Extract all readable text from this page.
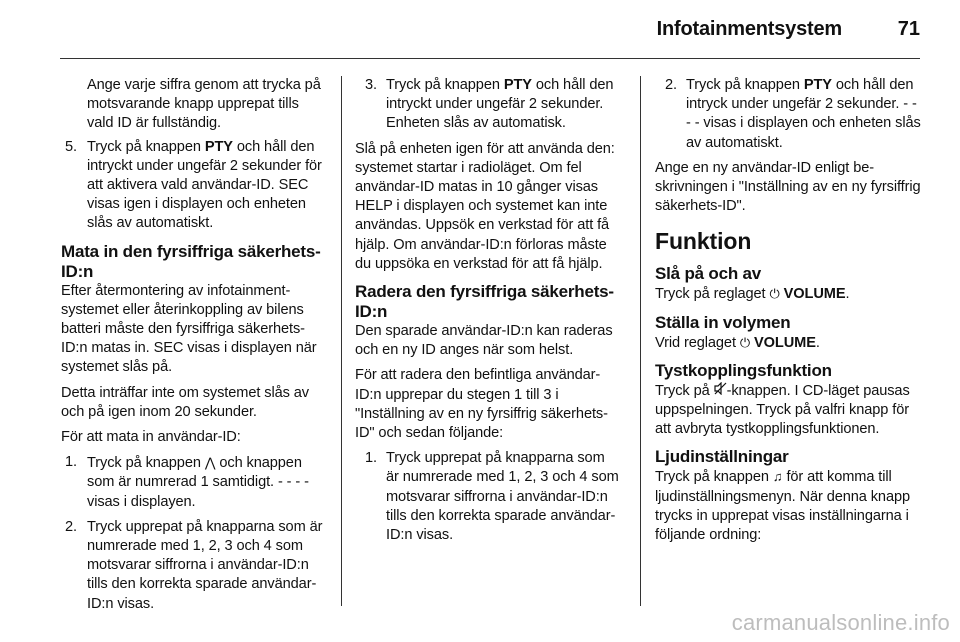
Infotainmentsystem	71

Ange varje siffra genom att trycka på motsvarande knapp upprepat tills vald ID är fullständig.

5. Tryck på knappen PTY och håll den intryckt under ungefär 2 sekunder för att aktivera vald användar-ID. SEC visas igen i displayen och enheten slås av automatiskt.
Mata in den fyrsiffriga säkerhets-ID:n

Efter återmontering av infotainmentsystemet eller återinkoppling av bilens batteri måste den fyrsiffriga säkerhets-ID:n matas in. SEC visas i displayen när systemet slås på.

Detta inträffar inte om systemet slås av och på igen inom 20 sekunder.

För att mata in användar-ID:

1. Tryck på knappen ⋀ och knappen som är numrerad 1 samtidigt. - - - - visas i displayen.
2. Tryck upprepat på knapparna som är numrerade med 1, 2, 3 och 4 som motsvarar siffrorna i användar-ID:n tills den korrekta sparade användar-ID:n visas.
3. Tryck på knappen PTY och håll den intryckt under ungefär 2 sekunder. Enheten slås av automatisk.

Slå på enheten igen för att använda den: systemet startar i radioläget. Om fel användar-ID matas in 10 gånger visas HELP i displayen och systemet kan inte användas. Uppsök en verkstad för att få hjälp. Om användar-ID:n förloras måste du uppsöka en verkstad för att få hjälp.

Radera den fyrsiffriga säkerhets-ID:n

Den sparade användar-ID:n kan raderas och en ny ID anges när som helst.

För att radera den befintliga användar-ID:n upprepar du stegen 1 till 3 i "Inställning av en ny fyrsiffrig säkerhets-ID" och sedan följande:

1. Tryck upprepat på knapparna som är numrerade med 1, 2, 3 och 4 som motsvarar siffrorna i användar-ID:n tills den korrekta sparade användar-ID:n visas.
2. Tryck på knappen PTY och håll den intryck under ungefär 2 sekunder. - - - - visas i displayen och enheten slås av automatiskt.

Ange en ny användar-ID enligt beskrivningen i "Inställning av en ny fyrsiffrig säkerhets-ID".

Funktion
Slå på och av

Tryck på reglaget ⏻ VOLUME.

Ställa in volymen

Vrid reglaget ⏻ VOLUME.

Tystkopplingsfunktion

Tryck på -knappen. I CD-läget pausas uppspelningen. Tryck på valfri knapp för att avbryta tystkopplingsfunktionen.

Ljudinställningar

Tryck på knappen ♫ för att komma till ljudinställningsmenyn. När denna knapp trycks in upprepat visas inställningarna i följande ordning:

carmanualsonline.info
